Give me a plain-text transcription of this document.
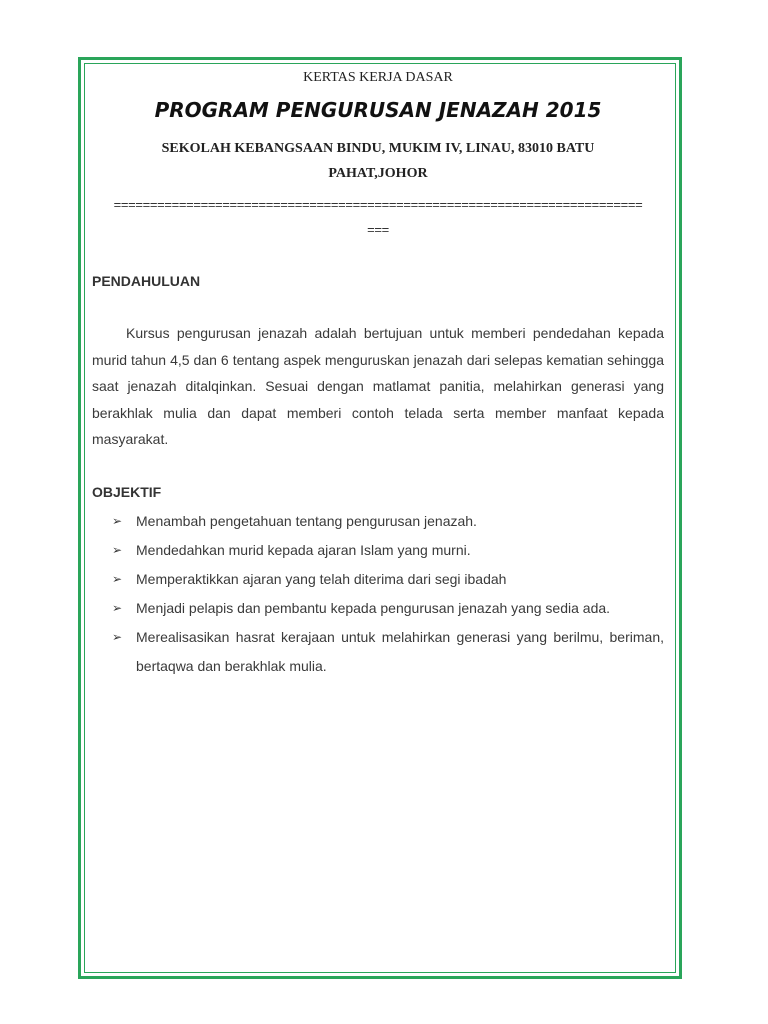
KERTAS KERJA DASAR
PROGRAM PENGURUSAN JENAZAH 2015
SEKOLAH KEBANGSAAN BINDU, MUKIM IV, LINAU, 83010 BATU
PAHAT,JOHOR
=========================================================================
===
PENDAHULUAN

Kursus pengurusan jenazah adalah bertujuan untuk memberi pendedahan kepada murid tahun 4,5 dan 6 tentang aspek menguruskan jenazah dari selepas kematian sehingga saat jenazah ditalqinkan. Sesuai dengan matlamat panitia, melahirkan generasi yang berakhlak mulia dan dapat memberi contoh telada serta member manfaat kepada masyarakat.

OBJEKTIF
➢ Menambah pengetahuan tentang pengurusan jenazah.
➢ Mendedahkan murid kepada ajaran Islam yang murni.
➢ Memperaktikkan ajaran yang telah diterima dari segi ibadah
➢ Menjadi pelapis dan pembantu kepada pengurusan jenazah yang sedia ada.
➢ Merealisasikan hasrat kerajaan untuk melahirkan generasi yang berilmu, beriman, bertaqwa dan berakhlak mulia.
